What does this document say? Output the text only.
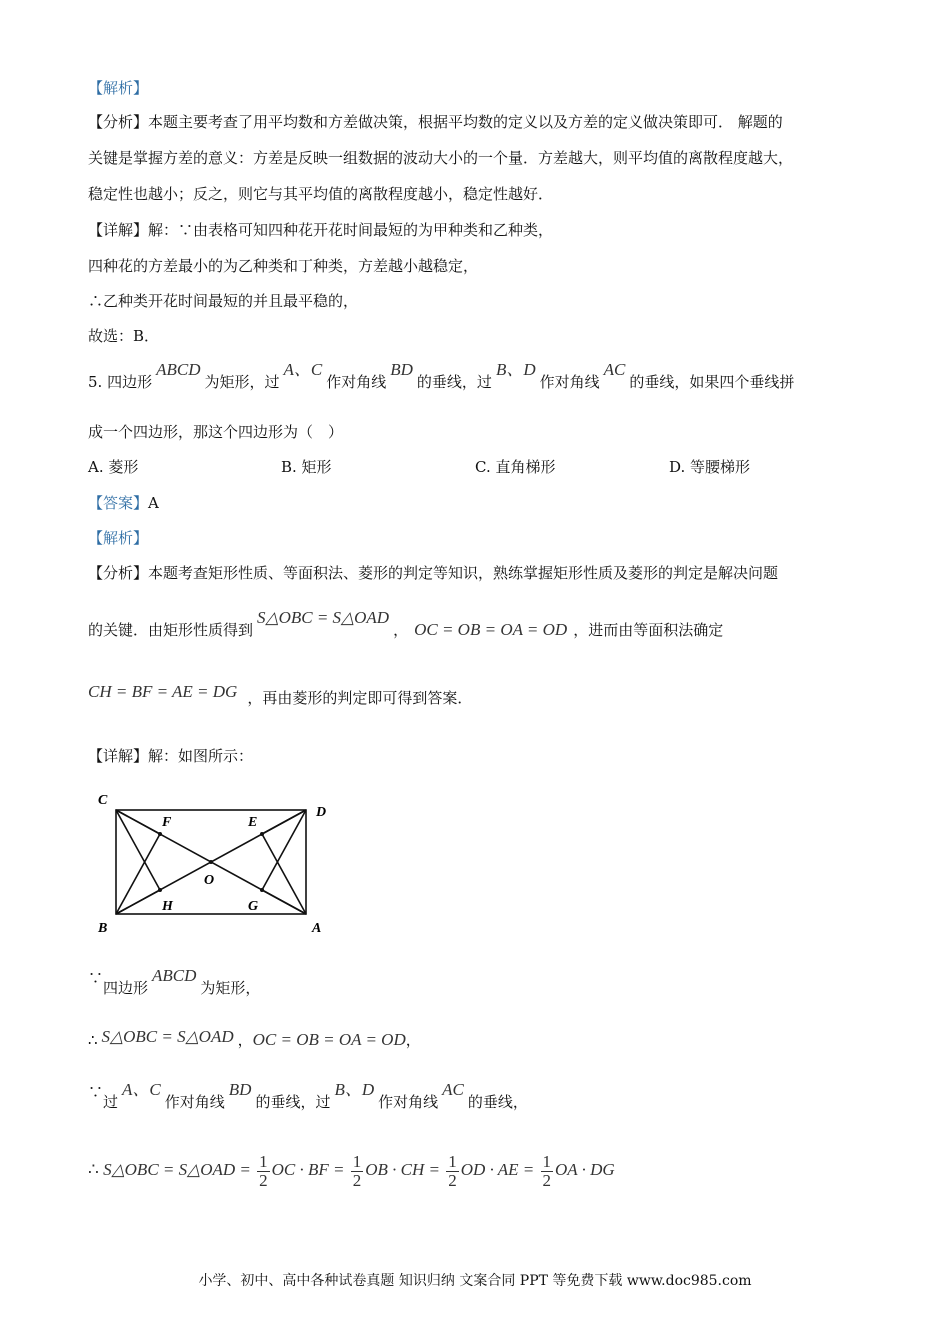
【解析】
【分析】本题主要考查了用平均数和方差做决策，根据平均数的定义以及方差的定义做决策即可． 解题的
关键是掌握方差的意义：方差是反映一组数据的波动大小的一个量．方差越大，则平均值的离散程度越大，
稳定性也越小；反之，则它与其平均值的离散程度越小，稳定性越好．
【详解】解：∵由表格可知四种花开花时间最短的为甲种类和乙种类，
四种花的方差最小的为乙种类和丁种类，方差越小越稳定，
∴乙种类开花时间最短的并且最平稳的，
故选：B．
5. 四边形ABCD为矩形，过A、C作对角线BD的垂线，过B、D作对角线AC的垂线，如果四个垂线拼
成一个四边形，那这个四边形为（　）
A. 菱形	B. 矩形	C. 直角梯形	D. 等腰梯形
【答案】A
【解析】
【分析】本题考查矩形性质、等面积法、菱形的判定等知识，熟练掌握矩形性质及菱形的判定是解决问题
的关键．由矩形性质得到S△OBC = S△OAD， OC = OB = OA = OD ，进而由等面积法确定
CH = BF = AE = DG ，再由菱形的判定即可得到答案．
【详解】解：如图所示：
C
D
B	A
F	E
O
H	G
∵四边形ABCD为矩形，
∴ S△OBC = S△OAD ，OC = OB = OA = OD，
∵过A、C作对角线BD的垂线，过B、D作对角线AC的垂线，
∴ S△OBC = S△OAD = $\frac{1}{2}$ OC · BF = $\frac{1}{2}$ OB · CH = $\frac{1}{2}$ OD · AE = $\frac{1}{2}$ OA · DG
小学、初中、高中各种试卷真题 知识归纳 文案合同 PPT 等免费下载 www.doc985.com
